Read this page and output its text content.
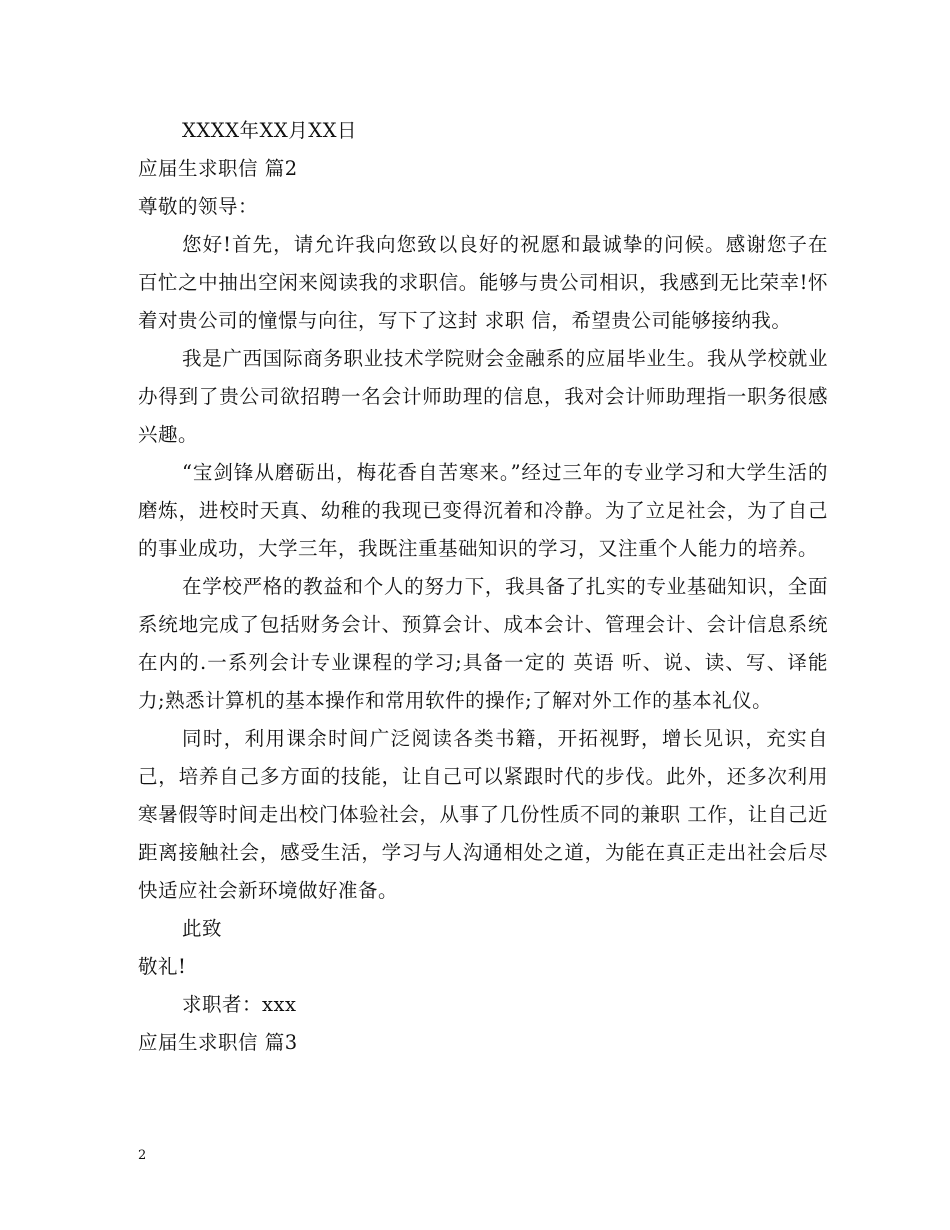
XXXX年XX月XX日
应届生求职信 篇2
尊敬的领导：
您好!首先，请允许我向您致以良好的祝愿和最诚挚的问候。感谢您子在百忙之中抽出空闲来阅读我的求职信。能够与贵公司相识，我感到无比荣幸!怀着对贵公司的憧憬与向往，写下了这封 求职 信，希望贵公司能够接纳我。
我是广西国际商务职业技术学院财会金融系的应届毕业生。我从学校就业办得到了贵公司欲招聘一名会计师助理的信息，我对会计师助理指一职务很感兴趣。
“宝剑锋从磨砺出，梅花香自苦寒来。”经过三年的专业学习和大学生活的磨炼，进校时天真、幼稚的我现已变得沉着和冷静。为了立足社会，为了自己的事业成功，大学三年，我既注重基础知识的学习，又注重个人能力的培养。
在学校严格的教益和个人的努力下，我具备了扎实的专业基础知识，全面系统地完成了包括财务会计、预算会计、成本会计、管理会计、会计信息系统在内的.一系列会计专业课程的学习;具备一定的 英语 听、说、读、写、译能力;熟悉计算机的基本操作和常用软件的操作;了解对外工作的基本礼仪。
同时，利用课余时间广泛阅读各类书籍，开拓视野，增长见识，充实自己，培养自己多方面的技能，让自己可以紧跟时代的步伐。此外，还多次利用寒暑假等时间走出校门体验社会，从事了几份性质不同的兼职 工作，让自己近距离接触社会，感受生活，学习与人沟通相处之道，为能在真正走出社会后尽快适应社会新环境做好准备。
此致
敬礼!
求职者：xxx
应届生求职信 篇3
2
